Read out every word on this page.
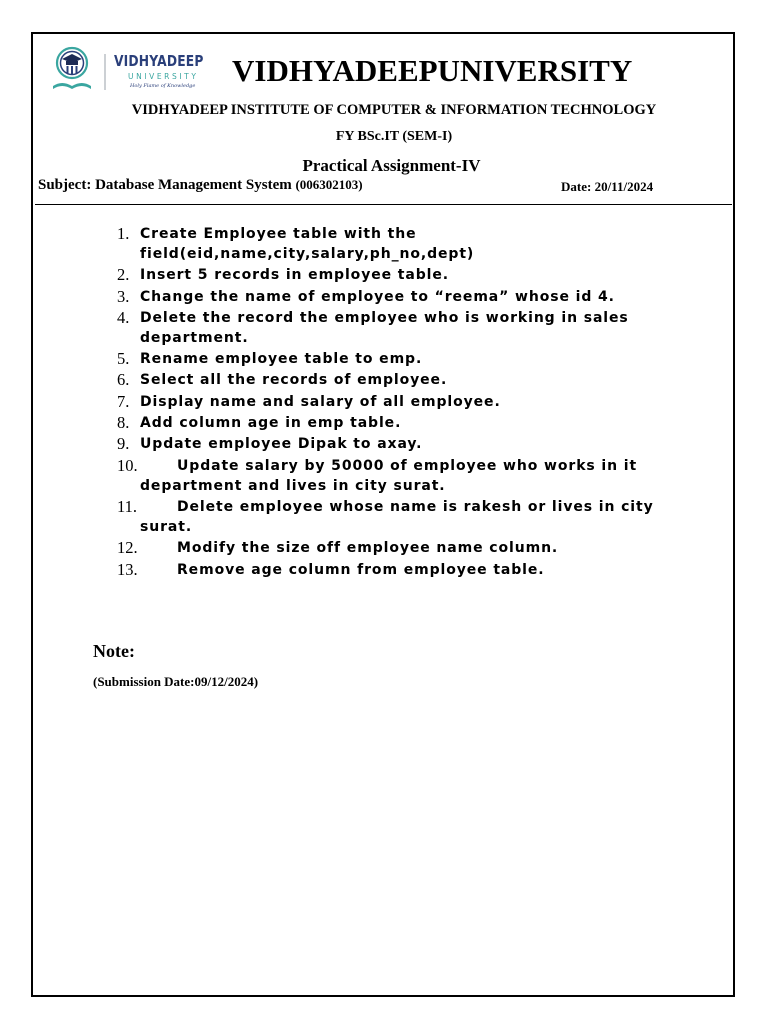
VIDHYADEEP
UNIVERSITY
Holy Flame of Knowledge VIDHYADEEPUNIVERSITY
VIDHYADEEP INSTITUTE OF COMPUTER & INFORMATION TECHNOLOGY
FY BSc.IT (SEM-I)
Practical Assignment-IV
Subject: Database Management System (006302103)	Date: 20/11/2024
1. Create Employee table with the field(eid,name,city,salary,ph_no,dept)
2. Insert 5 records in employee table.
3. Change the name of employee to “reema” whose id 4.
4. Delete the record the employee who is working in sales department.
5. Rename employee table to emp.
6. Select all the records of employee.
7. Display name and salary of all employee.
8. Add column age in emp table.
9. Update employee Dipak to axay.
10.	Update salary by 50000 of employee who works in it department and lives in city surat.
11.	Delete employee whose name is rakesh or lives in city surat.
12.	Modify the size off employee name column.
13.	Remove age column from employee table.
Note:
(Submission Date:09/12/2024)
